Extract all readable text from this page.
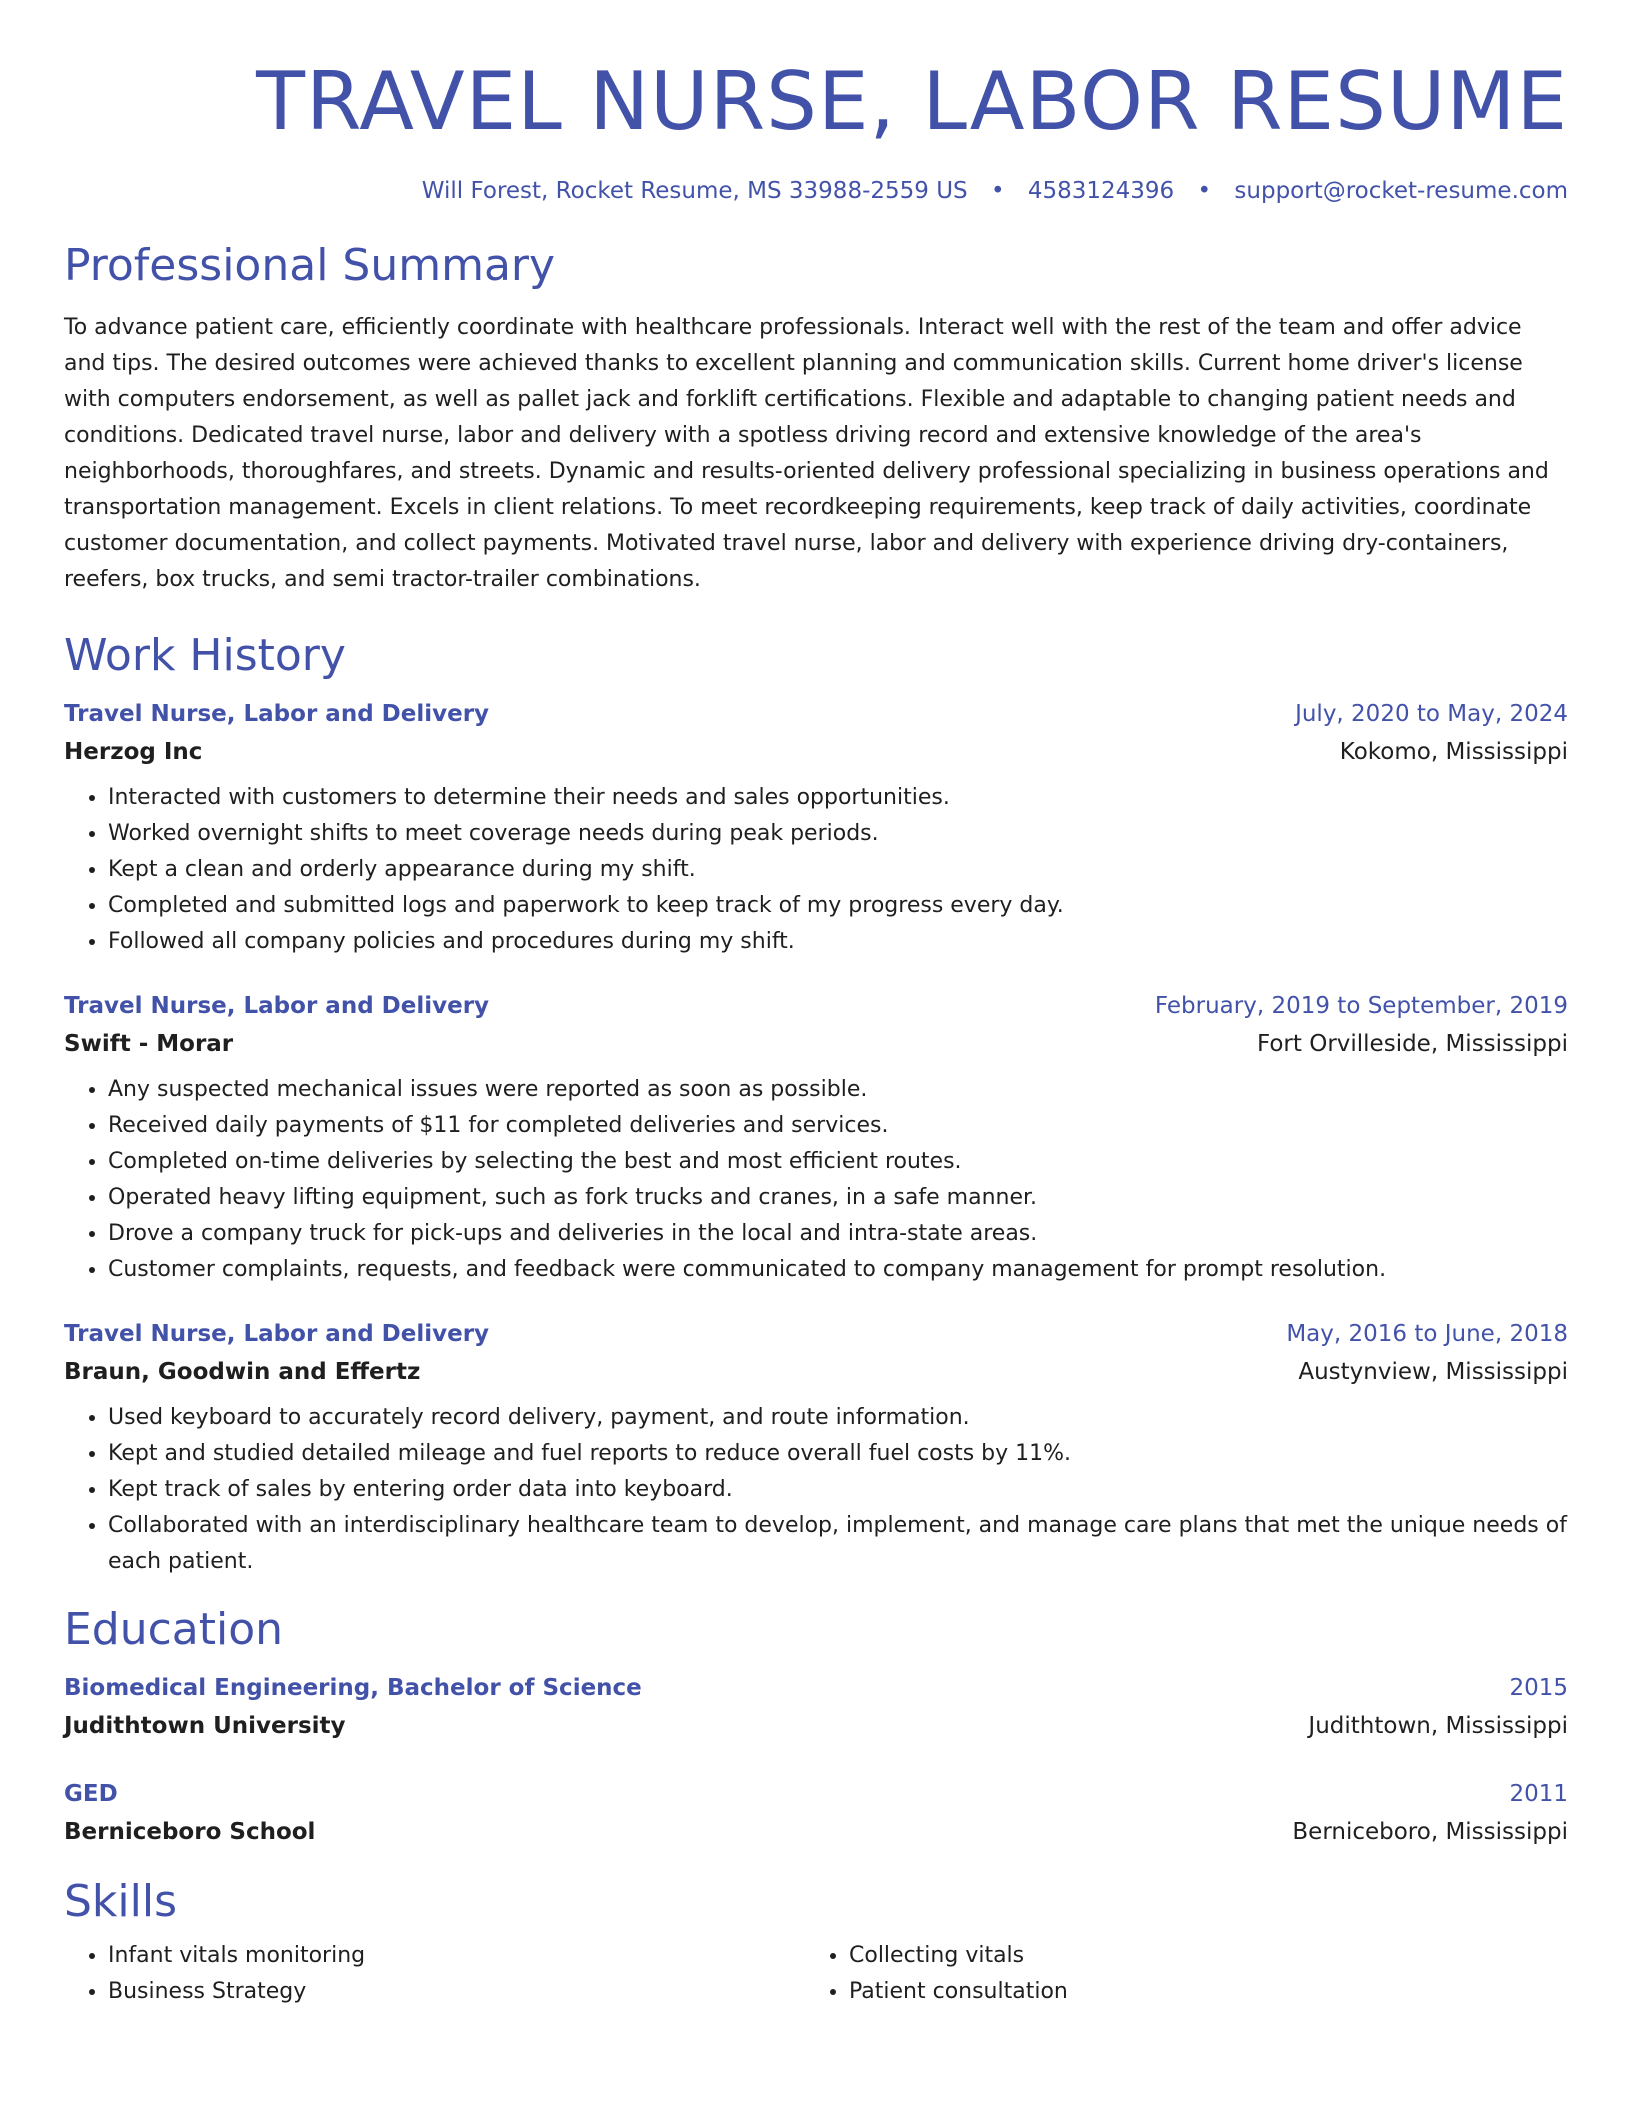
TRAVEL NURSE, LABOR RESUME
Will Forest, Rocket Resume, MS 33988-2559 US • 4583124396 • support@rocket-resume.com
Professional Summary

To advance patient care, efficiently coordinate with healthcare professionals. Interact well with the rest of the team and offer advice and tips. The desired outcomes were achieved thanks to excellent planning and communication skills. Current home driver's license with computers endorsement, as well as pallet jack and forklift certifications. Flexible and adaptable to changing patient needs and conditions. Dedicated travel nurse, labor and delivery with a spotless driving record and extensive knowledge of the area's neighborhoods, thoroughfares, and streets. Dynamic and results-oriented delivery professional specializing in business operations and transportation management. Excels in client relations. To meet recordkeeping requirements, keep track of daily activities, coordinate customer documentation, and collect payments. Motivated travel nurse, labor and delivery with experience driving dry-containers, reefers, box trucks, and semi tractor-trailer combinations.

Work History
Travel Nurse, Labor and Delivery	July, 2020 to May, 2024
Herzog Inc	Kokomo, Mississippi
• Interacted with customers to determine their needs and sales opportunities.
• Worked overnight shifts to meet coverage needs during peak periods.
• Kept a clean and orderly appearance during my shift.
• Completed and submitted logs and paperwork to keep track of my progress every day.
• Followed all company policies and procedures during my shift.
Travel Nurse, Labor and Delivery	February, 2019 to September, 2019
Swift - Morar	Fort Orvilleside, Mississippi
• Any suspected mechanical issues were reported as soon as possible.
• Received daily payments of $11 for completed deliveries and services.
• Completed on-time deliveries by selecting the best and most efficient routes.
• Operated heavy lifting equipment, such as fork trucks and cranes, in a safe manner.
• Drove a company truck for pick-ups and deliveries in the local and intra-state areas.
• Customer complaints, requests, and feedback were communicated to company management for prompt resolution.
Travel Nurse, Labor and Delivery	May, 2016 to June, 2018
Braun, Goodwin and Effertz	Austynview, Mississippi
• Used keyboard to accurately record delivery, payment, and route information.
• Kept and studied detailed mileage and fuel reports to reduce overall fuel costs by 11%.
• Kept track of sales by entering order data into keyboard.
• Collaborated with an interdisciplinary healthcare team to develop, implement, and manage care plans that met the unique needs of each patient.
Education
Biomedical Engineering, Bachelor of Science	2015
Judithtown University	Judithtown, Mississippi
GED	2011
Berniceboro School	Berniceboro, Mississippi
Skills
• Infant vitals monitoring
• Business Strategy
• Collecting vitals
• Patient consultation
